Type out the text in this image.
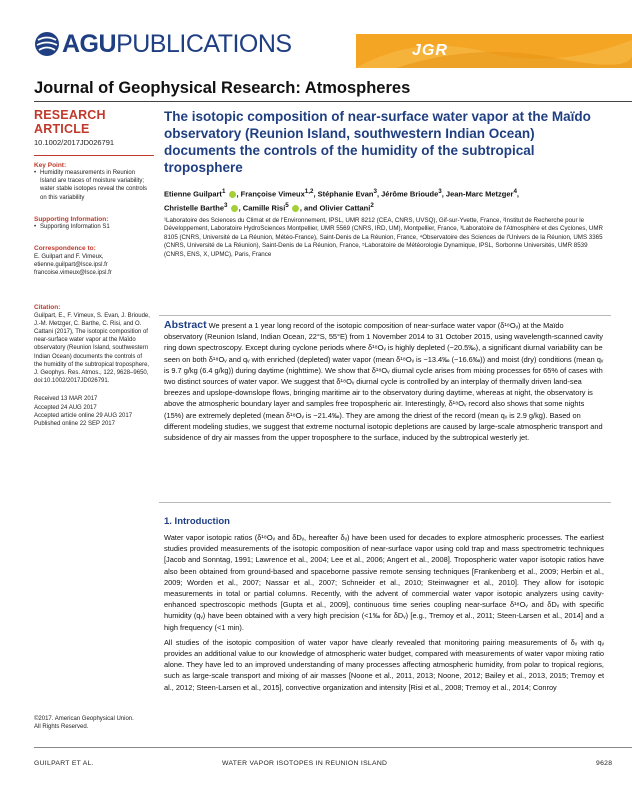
AGU PUBLICATIONS	JGR
Journal of Geophysical Research: Atmospheres
RESEARCH ARTICLE
10.1002/2017JD026791
Key Point:
• Humidity measurements in Reunion Island are traces of moisture variability; water stable isotopes reveal the controls on this variability
Supporting Information:
• Supporting Information S1
Correspondence to:
E. Guilpart and F. Vimeux,
etienne.guilpart@lsce.ipsl.fr
francoise.vimeux@lsce.ipsl.fr
Citation:
Guilpart, E., F. Vimeux, S. Evan, J. Brioude, J.-M. Metzger, C. Barthe, C. Risi, and O. Cattani (2017), The isotopic composition of near-surface water vapor at the Maïdo observatory (Reunion Island, southwestern Indian Ocean) documents the controls of the humidity of the subtropical troposphere, J. Geophys. Res. Atmos., 122, 9628–9650, doi:10.1002/2017JD026791.
Received 13 MAR 2017
Accepted 24 AUG 2017
Accepted article online 29 AUG 2017
Published online 22 SEP 2017
©2017. American Geophysical Union.
All Rights Reserved.
The isotopic composition of near-surface water vapor at the Maïdo observatory (Reunion Island, southwestern Indian Ocean) documents the controls of the humidity of the subtropical troposphere
Etienne Guilpart$^1$ , Françoise Vimeux$^{1,2}$, Stéphanie Evan$^3$, Jérôme Brioude$^3$, Jean-Marc Metzger$^4$,
Christelle Barthe$^3$ , Camille Risi$^5$ , and Olivier Cattani$^2$
¹Laboratoire des Sciences du Climat et de l'Environnement, IPSL, UMR 8212 (CEA, CNRS, UVSQ), Gif-sur-Yvette, France, ²Institut de Recherche pour le Développement, Laboratoire HydroSciences Montpellier, UMR 5569 (CNRS, IRD, UM), Montpellier, France, ³Laboratoire de l'Atmosphère et des Cyclones, UMR 8105 (CNRS, Université de La Réunion, Météo-France), Saint-Denis de La Réunion, France, ⁴Observatoire des Sciences de l'Univers de la Réunion, UMS 3365 (CNRS, Université de La Réunion), Saint-Denis de La Réunion, France, ⁵Laboratoire de Météorologie Dynamique, IPSL, Sorbonne Universités, UMR 8539 (CNRS, ENS, X, UPMC), Paris, France
Abstract We present a 1 year long record of the isotopic composition of near-surface water vapor (δ¹⁸Oᵥ) at the Maïdo observatory (Reunion Island, Indian Ocean, 22°S, 55°E) from 1 November 2014 to 31 October 2015, using wavelength-scanned cavity ring down spectroscopy. Except during cyclone periods where δ¹⁸Oᵥ is highly depleted (−20.5‰), a significant diurnal variability can be seen on both δ¹⁸Oᵥ and qᵥ with enriched (depleted) water vapor (mean δ¹⁸Oᵥ is −13.4‰ (−16.6‰)) and moist (dry) conditions (mean qᵥ is 9.7 g/kg (6.4 g/kg)) during daytime (nighttime). We show that δ¹⁸Oᵥ diurnal cycle arises from mixing processes for 65% of cases with two distinct sources of water vapor. We suggest that δ¹⁸Oᵥ diurnal cycle is controlled by an interplay of thermally driven land-sea breezes and upslope-downslope flows, bringing maritime air to the observatory during daytime, whereas at night, the observatory is above the atmospheric boundary layer and samples free tropospheric air. Interestingly, δ¹⁸Oᵥ record also shows that some nights (15%) are extremely depleted (mean δ¹⁸Oᵥ is −21.4‰). They are among the driest of the record (mean qᵥ is 2.9 g/kg). Based on different modeling studies, we suggest that extreme nocturnal isotopic depletions are caused by large-scale atmospheric transport and subsidence of dry air masses from the upper troposphere to the surface, induced by the subtropical westerly jet.
1. Introduction

Water vapor isotopic ratios (δ¹⁸Oᵥ and δDᵥ, hereafter δᵥ) have been used for decades to explore atmospheric processes. The earliest studies provided measurements of the isotopic composition of near-surface vapor using cold trap and mass spectrometric techniques [Jacob and Sonntag, 1991; Lawrence et al., 2004; Lee et al., 2006; Angert et al., 2008]. Tropospheric water vapor isotopic ratios have also been obtained from ground-based and spaceborne passive remote sensing techniques [Frankenberg et al., 2009; Herbin et al., 2009; Worden et al., 2007; Nassar et al., 2007; Schneider et al., 2010; Steinwagner et al., 2010]. They allow for isotopic measurements in total or partial columns. Recently, with the advent of commercial water vapor isotopic analyzers using cavity-enhanced spectroscopic methods [Gupta et al., 2009], continuous time series coupling near-surface δ¹⁸Oᵥ and δDᵥ with specific humidity (qᵥ) have been obtained with a very high precision (<1‰ for δDᵥ) [e.g., Tremoy et al., 2011; Steen-Larsen et al., 2014] and a high frequency (<1 min).

All studies of the isotopic composition of water vapor have clearly revealed that monitoring pairing measurements of δᵥ with qᵥ provides an additional value to our knowledge of atmospheric water budget, compared with measurements of water vapor mixing ratio alone. They have led to an improved understanding of many processes affecting atmospheric humidity, from polar to tropical regions, such as large-scale transport and mixing of air masses [Noone et al., 2011, 2013; Noone, 2012; Bailey et al., 2013, 2015; Tremoy et al., 2012; Steen-Larsen et al., 2015], convective organization and intensity [Risi et al., 2008; Tremoy et al., 2014; Conroy

GUILPART ET AL.	WATER VAPOR ISOTOPES IN REUNION ISLAND	9628
